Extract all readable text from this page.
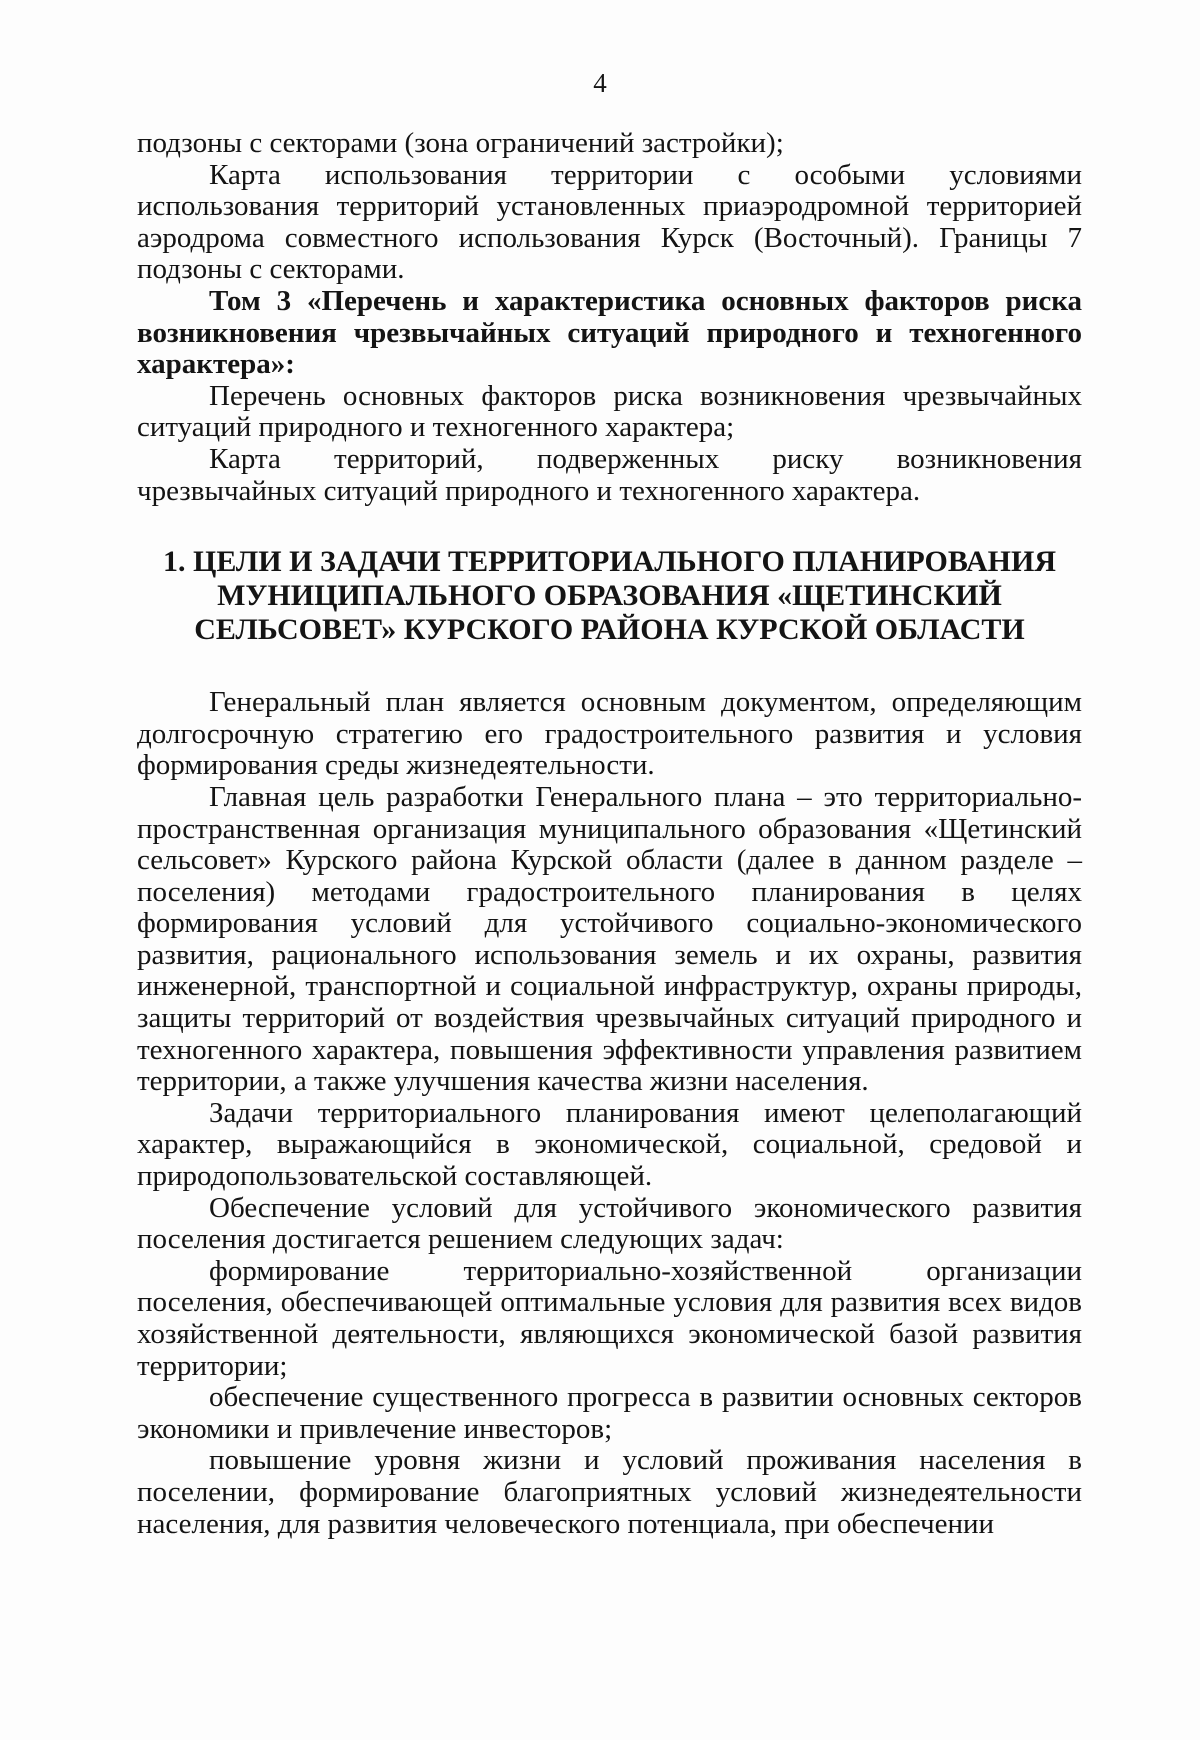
4

подзоны с секторами (зона ограничений застройки);

Карта использования территории с особыми условиями использования территорий установленных приаэродромной территорией аэродрома совместного использования Курск (Восточный). Границы 7 подзоны с секторами.

Том 3 «Перечень и характеристика основных факторов риска возникновения чрезвычайных ситуаций природного и техногенного характера»:

Перечень основных факторов риска возникновения чрезвычайных ситуаций природного и техногенного характера;

Карта территорий, подверженных риску возникновения чрезвычайных ситуаций природного и техногенного характера.

1. ЦЕЛИ И ЗАДАЧИ ТЕРРИТОРИАЛЬНОГО ПЛАНИРОВАНИЯ
МУНИЦИПАЛЬНОГО ОБРАЗОВАНИЯ «ЩЕТИНСКИЙ
СЕЛЬСОВЕТ» КУРСКОГО РАЙОНА КУРСКОЙ ОБЛАСТИ

Генеральный план является основным документом, определяющим долгосрочную стратегию его градостроительного развития и условия формирования среды жизнедеятельности.

Главная цель разработки Генерального плана – это территориально-пространственная организация муниципального образования «Щетинский сельсовет» Курского района Курской области (далее в данном разделе – поселения) методами градостроительного планирования в целях формирования условий для устойчивого социально-экономического развития, рационального использования земель и их охраны, развития инженерной, транспортной и социальной инфраструктур, охраны природы, защиты территорий от воздействия чрезвычайных ситуаций природного и техногенного характера, повышения эффективности управления развитием территории, а также улучшения качества жизни населения.

Задачи территориального планирования имеют целеполагающий характер, выражающийся в экономической, социальной, средовой и природопользовательской составляющей.

Обеспечение условий для устойчивого экономического развития поселения достигается решением следующих задач:

формирование территориально-хозяйственной организации поселения, обеспечивающей оптимальные условия для развития всех видов хозяйственной деятельности, являющихся экономической базой развития территории;

обеспечение существенного прогресса в развитии основных секторов экономики и привлечение инвесторов;

повышение уровня жизни и условий проживания населения в поселении, формирование благоприятных условий жизнедеятельности населения, для развития человеческого потенциала, при обеспечении
